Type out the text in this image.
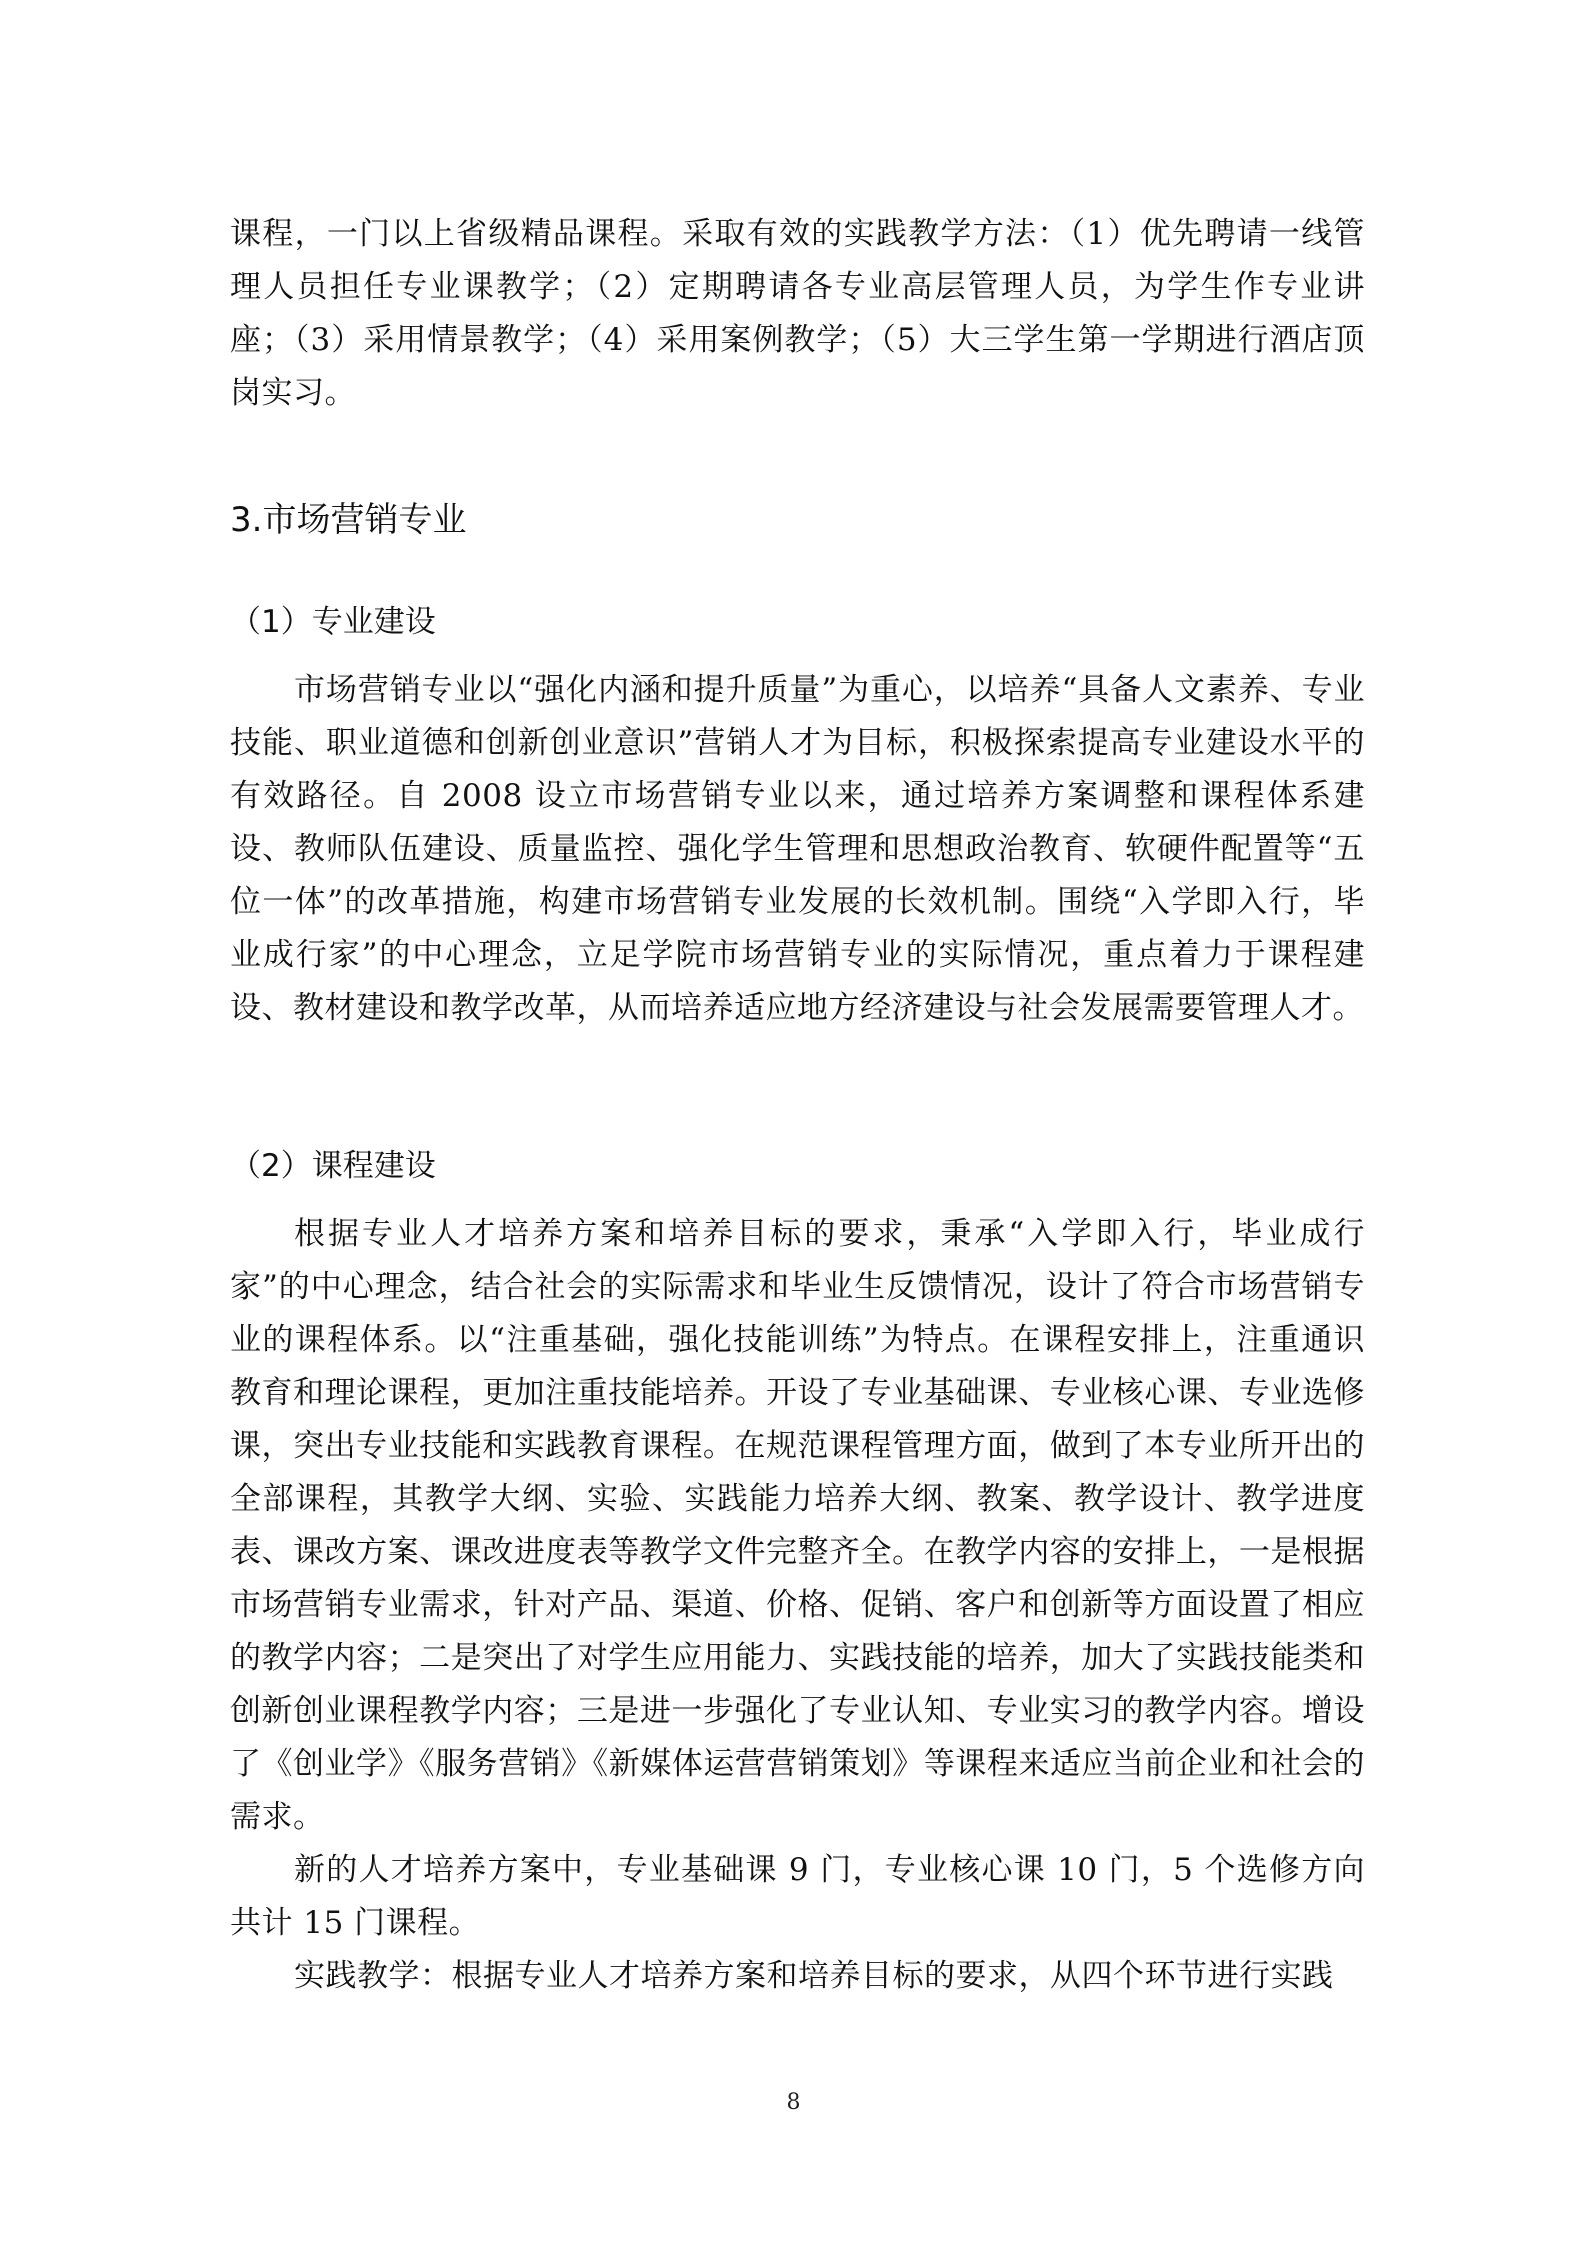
课程，一门以上省级精品课程。采取有效的实践教学方法：（1）优先聘请一线管理人员担任专业课教学；（2）定期聘请各专业高层管理人员，为学生作专业讲座；（3）采用情景教学；（4）采用案例教学；（5）大三学生第一学期进行酒店顶岗实习。

3.市场营销专业
（1）专业建设

市场营销专业以“强化内涵和提升质量”为重心，以培养“具备人文素养、专业技能、职业道德和创新创业意识”营销人才为目标，积极探索提高专业建设水平的有效路径。自 2008 设立市场营销专业以来，通过培养方案调整和课程体系建设、教师队伍建设、质量监控、强化学生管理和思想政治教育、软硬件配置等“五位一体”的改革措施，构建市场营销专业发展的长效机制。围绕“入学即入行，毕业成行家”的中心理念，立足学院市场营销专业的实际情况，重点着力于课程建设、教材建设和教学改革，从而培养适应地方经济建设与社会发展需要管理人才。

（2）课程建设

根据专业人才培养方案和培养目标的要求，秉承“入学即入行，毕业成行家”的中心理念，结合社会的实际需求和毕业生反馈情况，设计了符合市场营销专业的课程体系。以“注重基础，强化技能训练”为特点。在课程安排上，注重通识教育和理论课程，更加注重技能培养。开设了专业基础课、专业核心课、专业选修课，突出专业技能和实践教育课程。在规范课程管理方面，做到了本专业所开出的全部课程，其教学大纲、实验、实践能力培养大纲、教案、教学设计、教学进度表、课改方案、课改进度表等教学文件完整齐全。在教学内容的安排上，一是根据市场营销专业需求，针对产品、渠道、价格、促销、客户和创新等方面设置了相应的教学内容；二是突出了对学生应用能力、实践技能的培养，加大了实践技能类和创新创业课程教学内容；三是进一步强化了专业认知、专业实习的教学内容。增设了《创业学》《服务营销》《新媒体运营营销策划》等课程来适应当前企业和社会的需求。

新的人才培养方案中，专业基础课 9 门，专业核心课 10 门，5 个选修方向共计 15 门课程。

实践教学：根据专业人才培养方案和培养目标的要求，从四个环节进行实践

8
